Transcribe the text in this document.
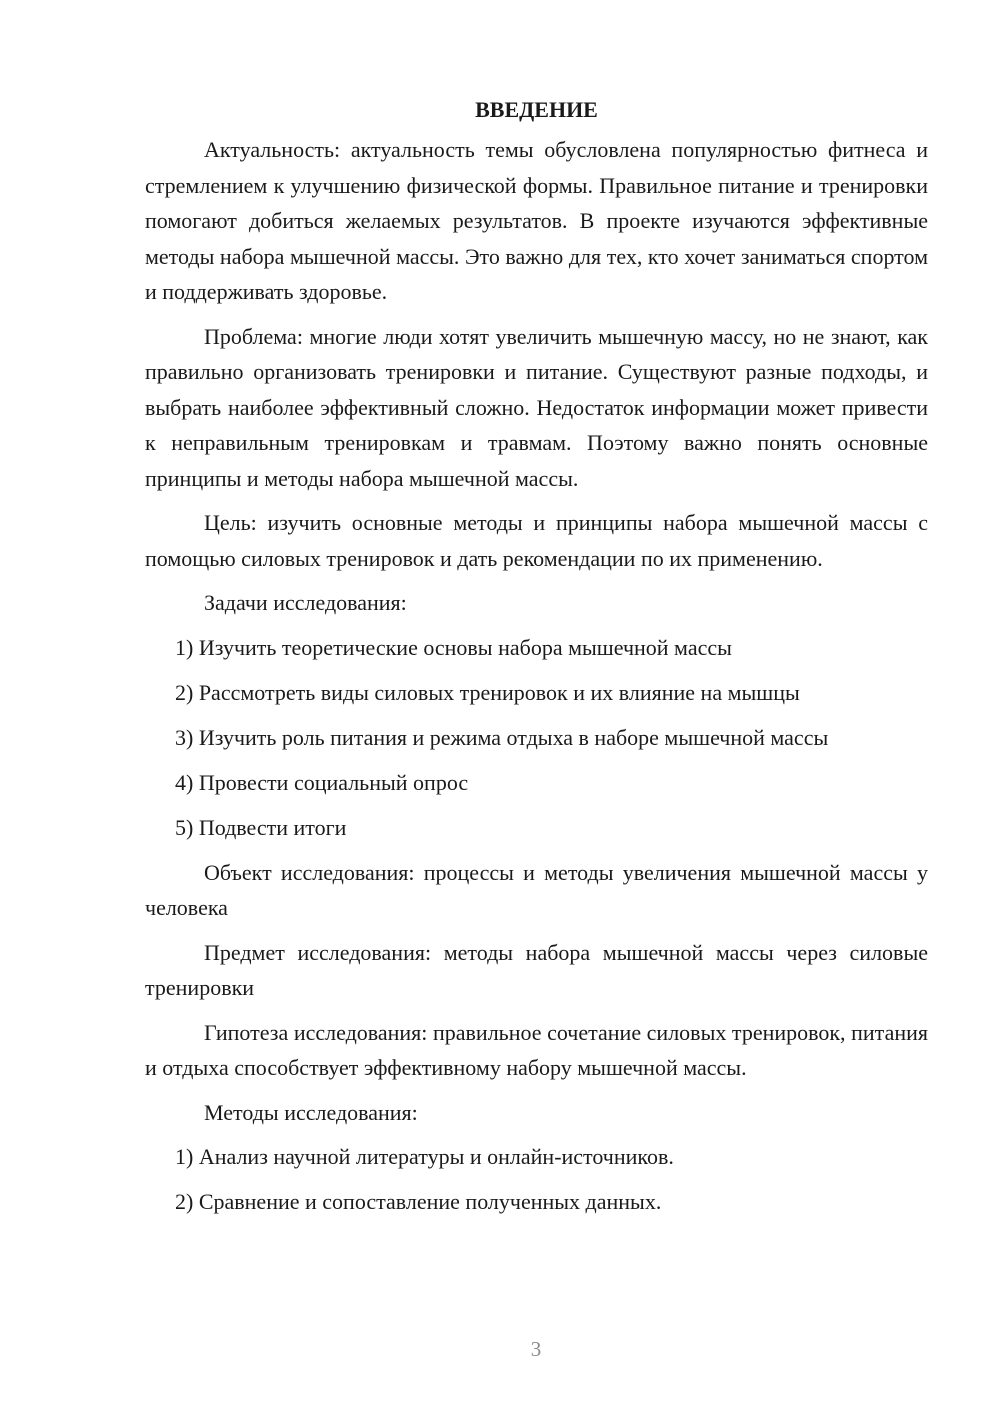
ВВЕДЕНИЕ

Актуальность: актуальность темы обусловлена популярностью фитнеса и стремлением к улучшению физической формы. Правильное питание и тренировки помогают добиться желаемых результатов. В проекте изучаются эффективные методы набора мышечной массы. Это важно для тех, кто хочет заниматься спортом и поддерживать здоровье.

Проблема: многие люди хотят увеличить мышечную массу, но не знают, как правильно организовать тренировки и питание. Существуют разные подходы, и выбрать наиболее эффективный сложно. Недостаток информации может привести к неправильным тренировкам и травмам. Поэтому важно понять основные принципы и методы набора мышечной массы.

Цель: изучить основные методы и принципы набора мышечной массы с помощью силовых тренировок и дать рекомендации по их применению.

Задачи исследования:

1) Изучить теоретические основы набора мышечной массы
2) Рассмотреть виды силовых тренировок и их влияние на мышцы
3) Изучить роль питания и режима отдыха в наборе мышечной массы
4) Провести социальный опрос
5) Подвести итоги

Объект исследования: процессы и методы увеличения мышечной массы у человека

Предмет исследования: методы набора мышечной массы через силовые тренировки

Гипотеза исследования: правильное сочетание силовых тренировок, питания и отдыха способствует эффективному набору мышечной массы.

Методы исследования:

1) Анализ научной литературы и онлайн-источников.
2) Сравнение и сопоставление полученных данных.
3
